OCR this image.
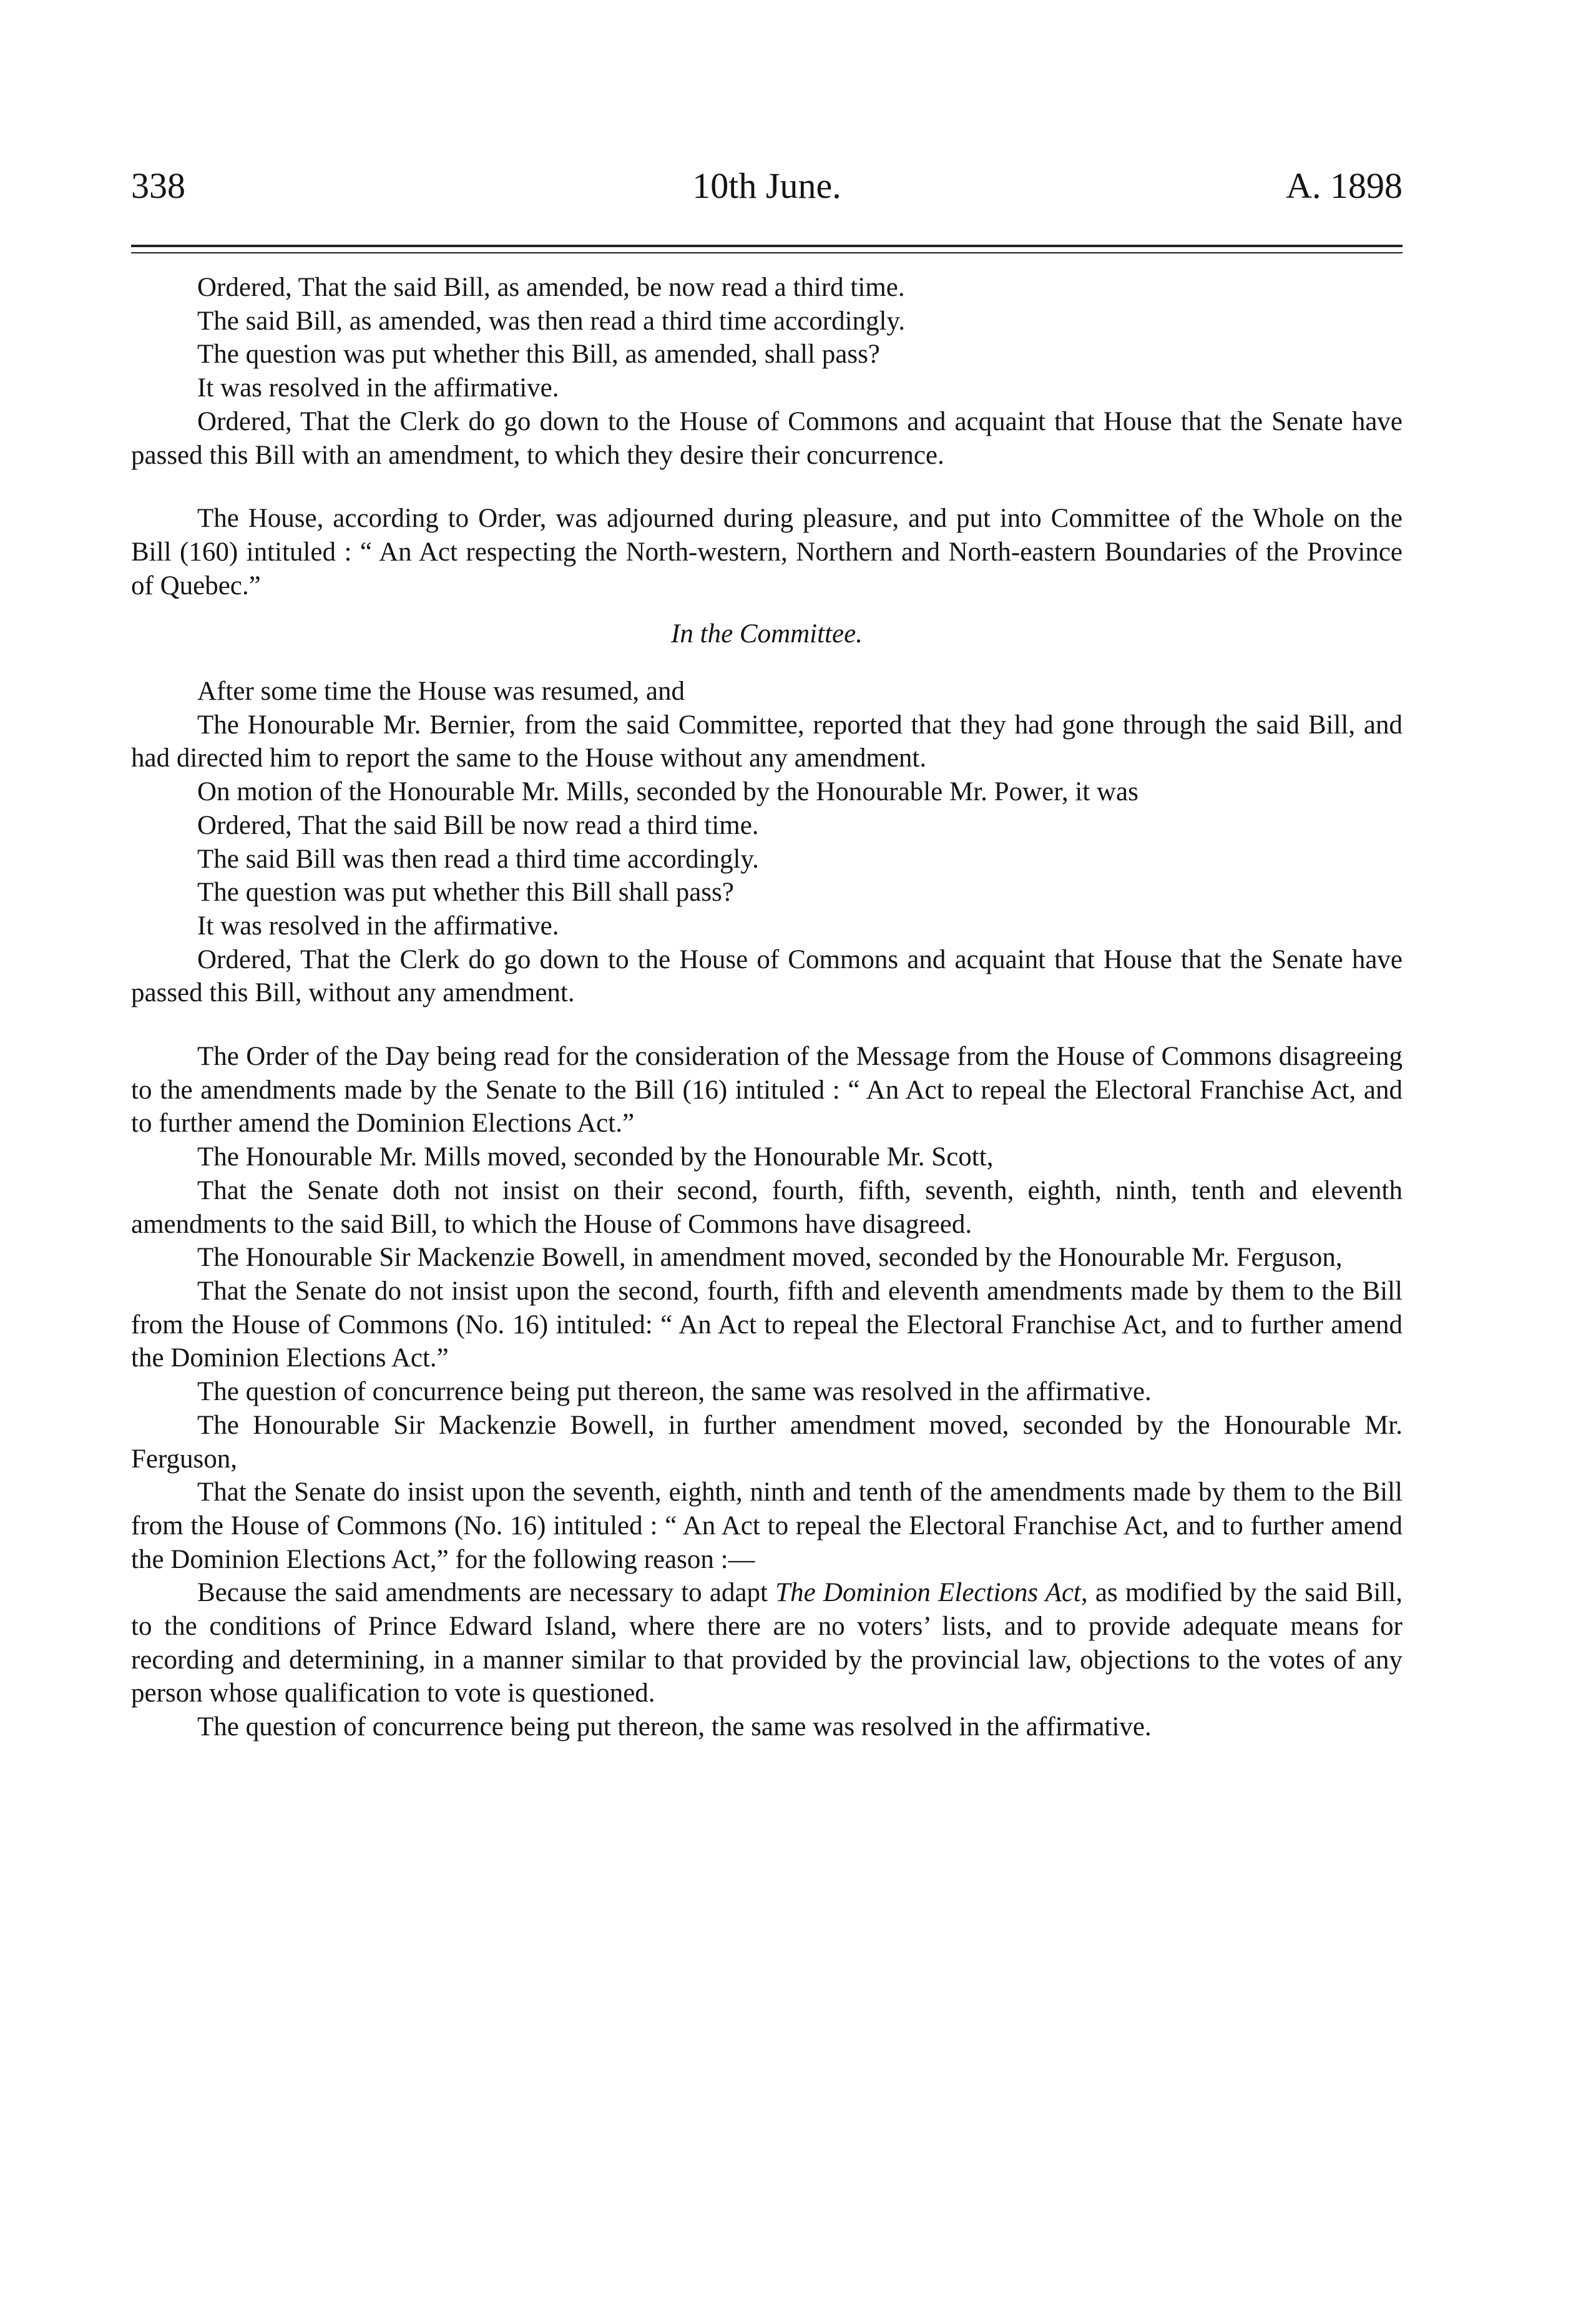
338	10th June.	A. 1898

Ordered, That the said Bill, as amended, be now read a third time.

The said Bill, as amended, was then read a third time accordingly.

The question was put whether this Bill, as amended, shall pass?

It was resolved in the affirmative.

Ordered, That the Clerk do go down to the House of Commons and acquaint that House that the Senate have passed this Bill with an amendment, to which they desire their concurrence.

The House, according to Order, was adjourned during pleasure, and put into Committee of the Whole on the Bill (160) intituled : “ An Act respecting the North-western, Northern and North-eastern Boundaries of the Province of Quebec.”

In the Committee.

After some time the House was resumed, and

The Honourable Mr. Bernier, from the said Committee, reported that they had gone through the said Bill, and had directed him to report the same to the House without any amendment.

On motion of the Honourable Mr. Mills, seconded by the Honourable Mr. Power, it was

Ordered, That the said Bill be now read a third time.

The said Bill was then read a third time accordingly.

The question was put whether this Bill shall pass?

It was resolved in the affirmative.

Ordered, That the Clerk do go down to the House of Commons and acquaint that House that the Senate have passed this Bill, without any amendment.

The Order of the Day being read for the consideration of the Message from the House of Commons disagreeing to the amendments made by the Senate to the Bill (16) intituled : “ An Act to repeal the Electoral Franchise Act, and to further amend the Dominion Elections Act.”

The Honourable Mr. Mills moved, seconded by the Honourable Mr. Scott,

That the Senate doth not insist on their second, fourth, fifth, seventh, eighth, ninth, tenth and eleventh amendments to the said Bill, to which the House of Commons have disagreed.

The Honourable Sir Mackenzie Bowell, in amendment moved, seconded by the Honourable Mr. Ferguson,

That the Senate do not insist upon the second, fourth, fifth and eleventh amendments made by them to the Bill from the House of Commons (No. 16) intituled: “ An Act to repeal the Electoral Franchise Act, and to further amend the Dominion Elections Act.”

The question of concurrence being put thereon, the same was resolved in the affirmative.

The Honourable Sir Mackenzie Bowell, in further amendment moved, seconded by the Honourable Mr. Ferguson,

That the Senate do insist upon the seventh, eighth, ninth and tenth of the amendments made by them to the Bill from the House of Commons (No. 16) intituled : “ An Act to repeal the Electoral Franchise Act, and to further amend the Dominion Elections Act,” for the following reason :—

Because the said amendments are necessary to adapt The Dominion Elections Act, as modified by the said Bill, to the conditions of Prince Edward Island, where there are no voters’ lists, and to provide adequate means for recording and determining, in a manner similar to that provided by the provincial law, objections to the votes of any person whose qualification to vote is questioned.

The question of concurrence being put thereon, the same was resolved in the affirmative.
